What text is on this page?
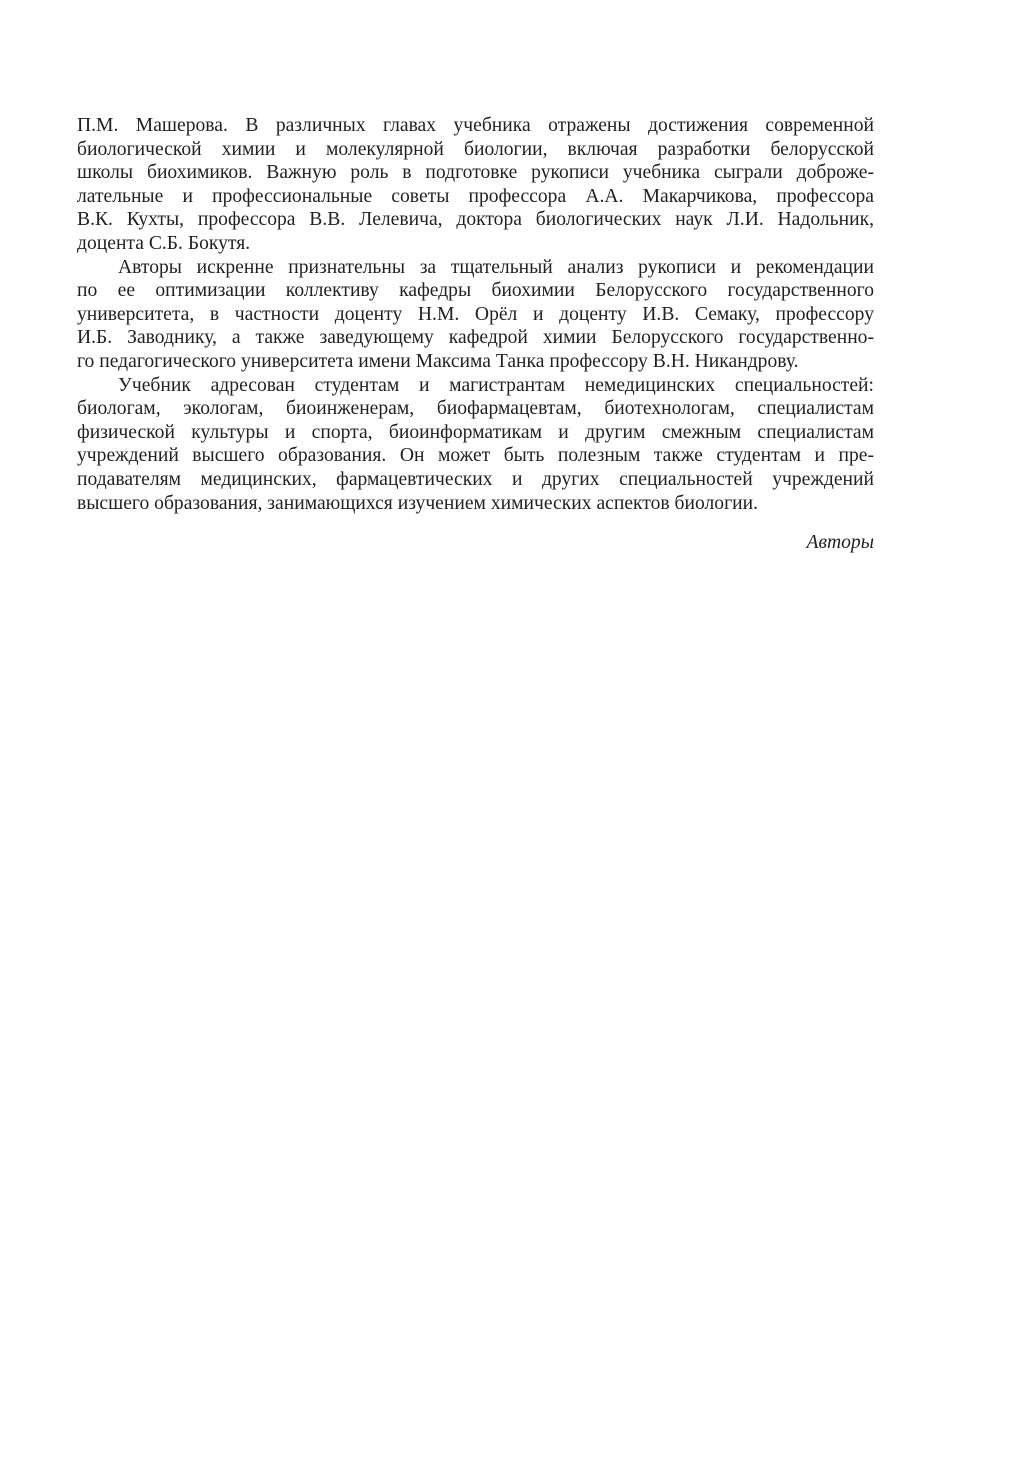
П.М. Машерова. В различных главах учебника отражены достижения современной
биологической химии и молекулярной биологии, включая разработки белорусской
школы биохимиков. Важную роль в подготовке рукописи учебника сыграли доброже-
лательные и профессиональные советы профессора А.А. Макарчикова, профессора
В.К. Кухты, профессора В.В. Лелевича, доктора биологических наук Л.И. Надольник,
доцента С.Б. Бокутя.

Авторы искренне признательны за тщательный анализ рукописи и рекомендации
по ее оптимизации коллективу кафедры биохимии Белорусского государственного
университета, в частности доценту Н.М. Орёл и доценту И.В. Семаку, профессору
И.Б. Заводнику, а также заведующему кафедрой химии Белорусского государственно-
го педагогического университета имени Максима Танка профессору В.Н. Никандрову.

Учебник адресован студентам и магистрантам немедицинских специальностей:
биологам, экологам, биоинженерам, биофармацевтам, биотехнологам, специалистам
физической культуры и спорта, биоинформатикам и другим смежным специалистам
учреждений высшего образования. Он может быть полезным также студентам и пре-
подавателям медицинских, фармацевтических и других специальностей учреждений
высшего образования, занимающихся изучением химических аспектов биологии.

Авторы
